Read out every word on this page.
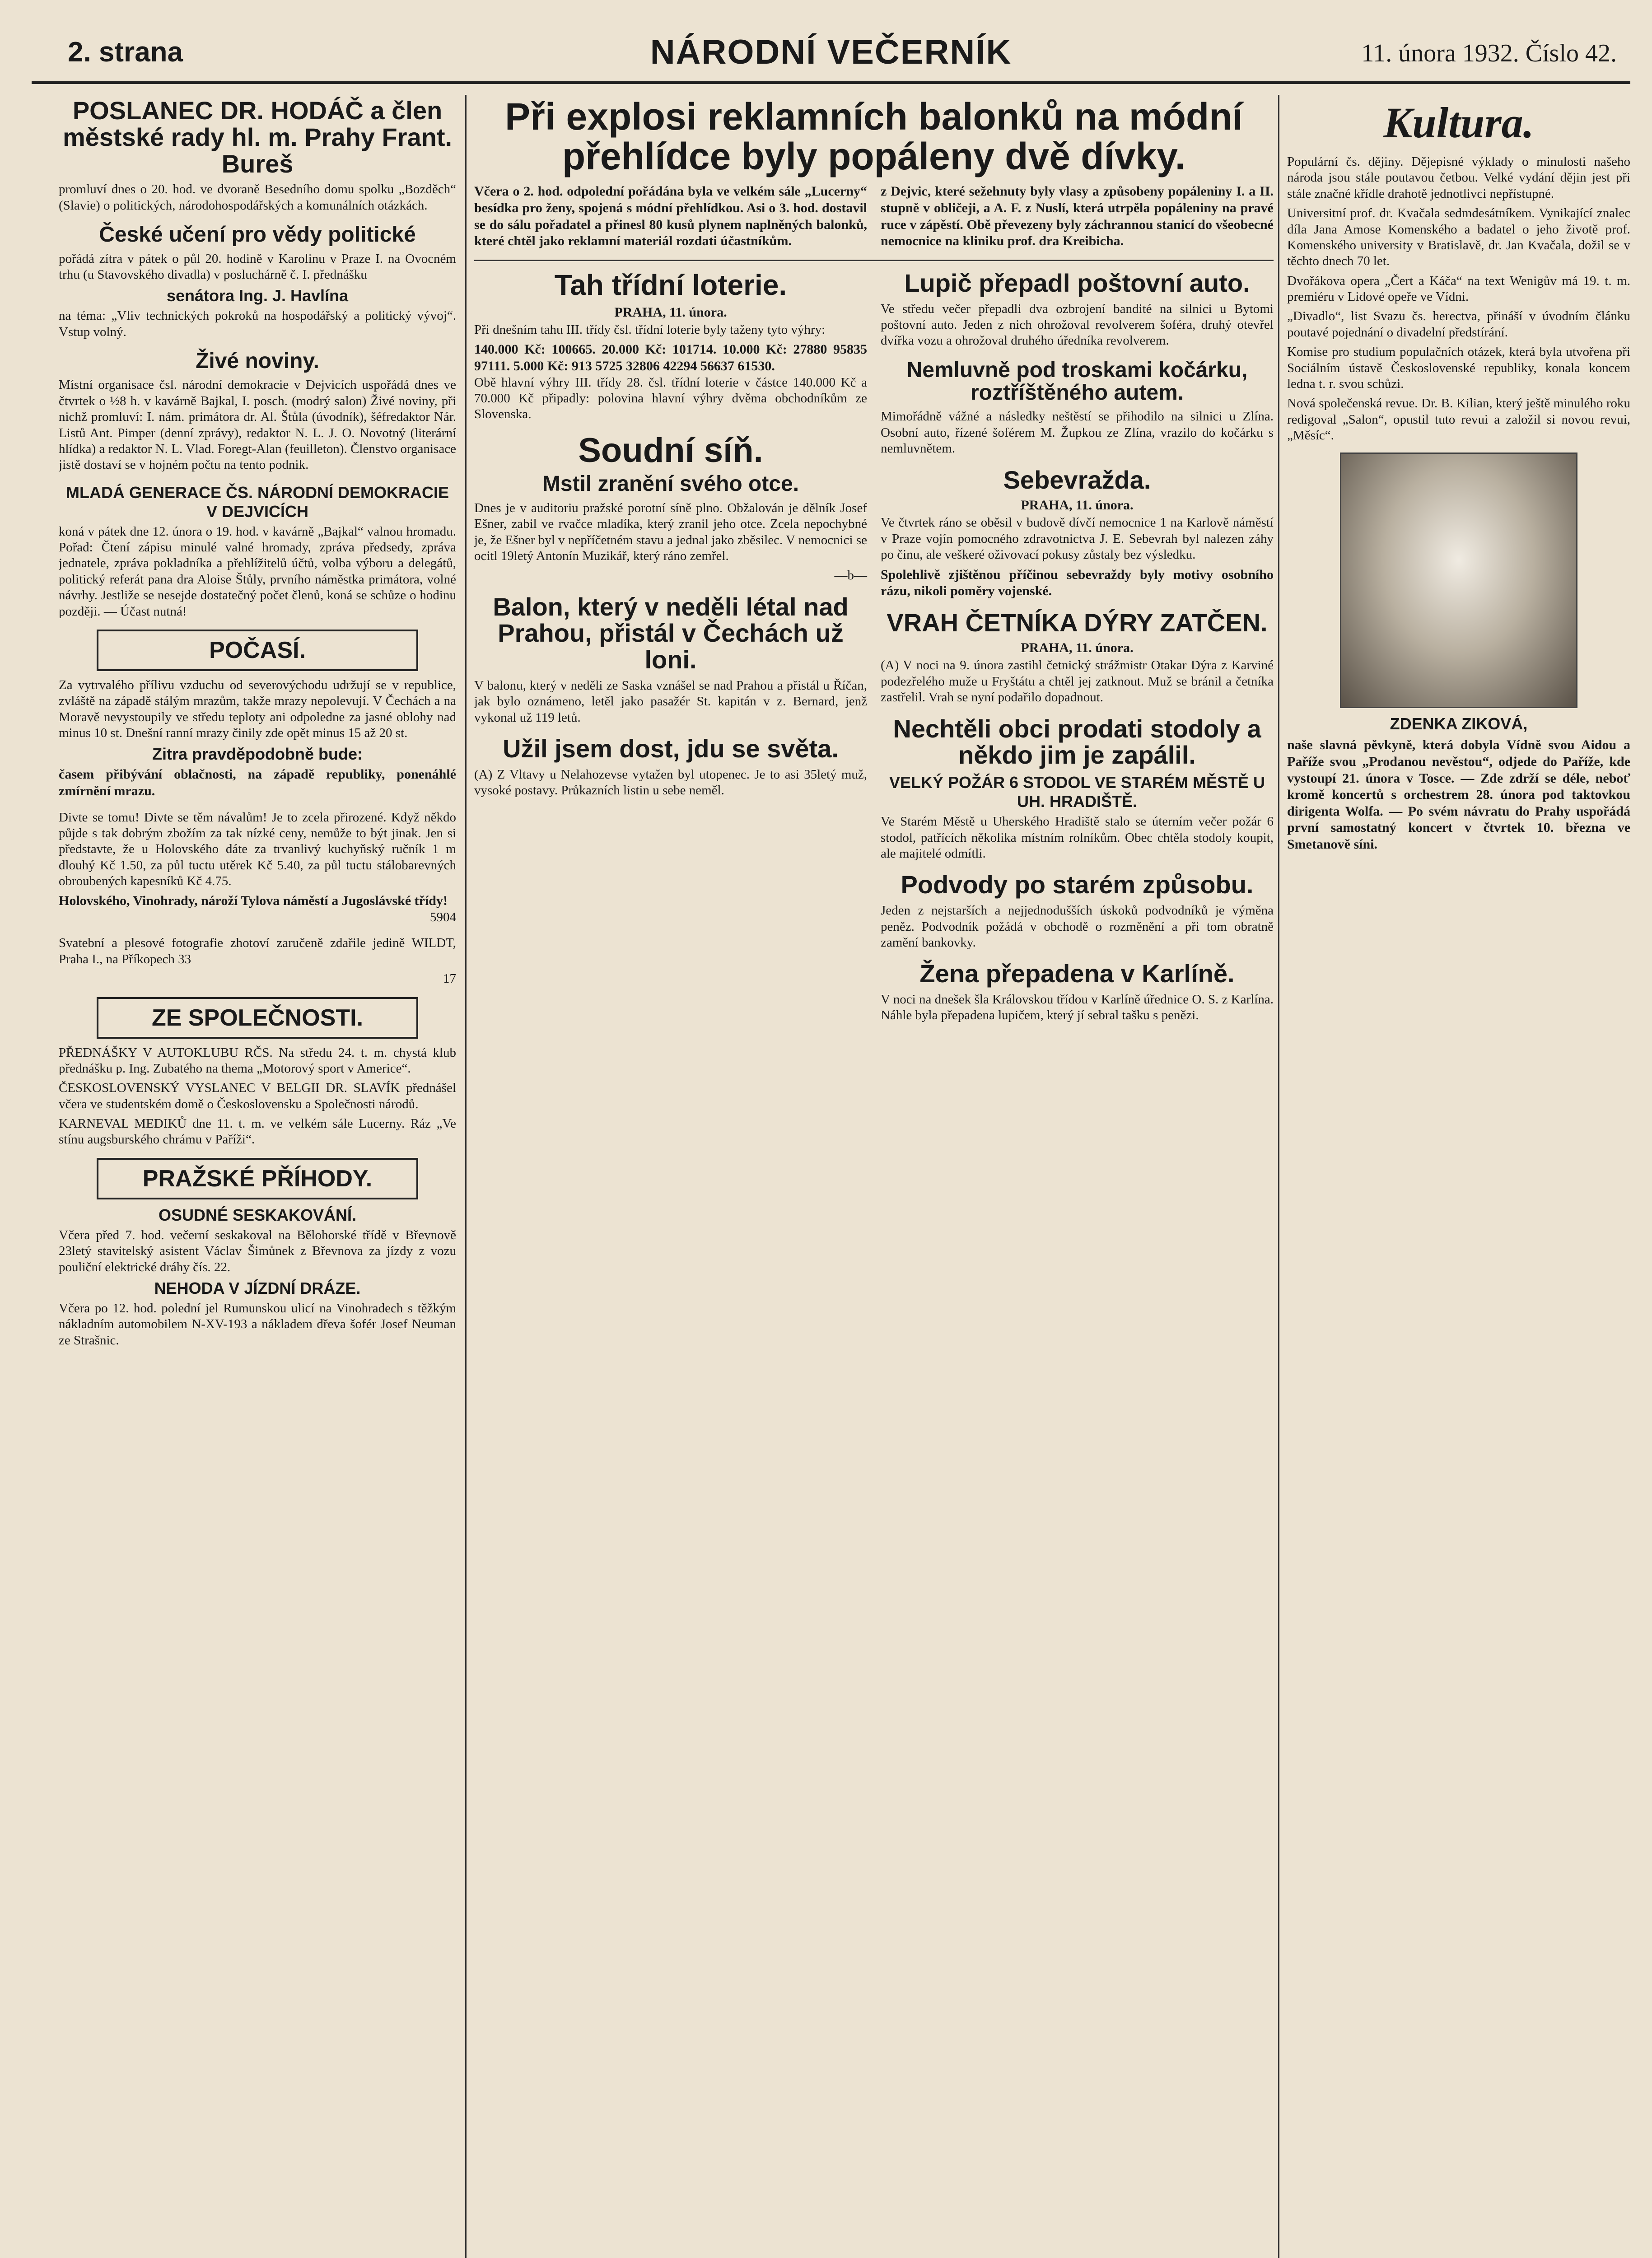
2. strana	NÁRODNÍ VEČERNÍK	11. února 1932. Číslo 42.
POSLANEC DR. HODÁČ a člen městské rady hl. m. Prahy Frant. Bureš
promluví dnes o 20. hod. ve dvoraně Besedního domu spolku „Bozděch“ (Slavie) o politických, národohospodářských a komunálních otázkách.
České učení pro vědy politické
pořádá zítra v pátek o půl 20. hodině v Karolinu v Praze I. na Ovocném trhu (u Stavovského divadla) v posluchárně č. I. přednášku
senátora Ing. J. Havlína
na téma: „Vliv technických pokroků na hospodářský a politický vývoj“. Vstup volný.
Živé noviny.
Místní organisace čsl. národní demokracie v Dejvicích uspořádá dnes ve čtvrtek o ½8 h. v kavárně Bajkal, I. posch. (modrý salon) Živé noviny, při nichž promluví: I. nám. primátora dr. Al. Štůla (úvodník), šéfredaktor Nár. Listů Ant. Pimper (denní zprávy), redaktor N. L. J. O. Novotný (literární hlídka) a redaktor N. L. Vlad. Foregt-Alan (feuilleton). Členstvo organisace jistě dostaví se v hojném počtu na tento podnik.
MLADÁ GENERACE ČS. NÁRODNÍ DEMOKRACIE V DEJVICÍCH
koná v pátek dne 12. února o 19. hod. v kavárně „Bajkal“ valnou hromadu. Pořad: Čtení zápisu minulé valné hromady, zpráva předsedy, zpráva jednatele, zpráva pokladníka a přehlížitelů účtů, volba výboru a delegátů, politický referát pana dra Aloise Štůly, prvního náměstka primátora, volné návrhy. Jestliže se nesejde dostatečný počet členů, koná se schůze o hodinu později. — Účast nutná!
POČASÍ.
Za vytrvalého přílivu vzduchu od severovýchodu udržují se v republice, zvláště na západě stálým mrazům, takže mrazy nepolevují. V Čechách a na Moravě nevystoupily ve středu teploty ani odpoledne za jasné oblohy nad minus 10 st. Dnešní ranní mrazy činily zde opět minus 15 až 20 st.
Zitra pravděpodobně bude:
časem přibývání oblačnosti, na západě republiky, ponenáhlé zmírnění mrazu.
Divte se tomu! Divte se těm návalům! Je to zcela přirozené. Když někdo půjde s tak dobrým zbožím za tak nízké ceny, nemůže to být jinak. Jen si představte, že u Holovského dáte za trvanlivý kuchyňský ručník 1 m dlouhý Kč 1.50, za půl tuctu utěrek Kč 5.40, za půl tuctu stálobarevných obroubených kapesníků Kč 4.75.
Holovského, Vinohrady, nároží Tylova náměstí a Jugoslávské třídy!
5904
Svatební a plesové fotografie zhotoví zaručeně zdařile jedině WILDT, Praha I., na Příkopech 33
17
ZE SPOLEČNOSTI.
PŘEDNÁŠKY V AUTOKLUBU RČS. Na středu 24. t. m. chystá klub přednášku p. Ing. Zubatého na thema „Motorový sport v Americe“.
ČESKOSLOVENSKÝ VYSLANEC V BELGII DR. SLAVÍK přednášel včera ve studentském domě o Československu a Společnosti národů.
KARNEVAL MEDIKŮ dne 11. t. m. ve velkém sále Lucerny. Ráz „Ve stínu augsburského chrámu v Paříži“.
PRAŽSKÉ PŘÍHODY.
OSUDNÉ SESKAKOVÁNÍ.
Včera před 7. hod. večerní seskakoval na Bělohorské třídě v Břevnově 23letý stavitelský asistent Václav Šimůnek z Břevnova za jízdy z vozu pouliční elektrické dráhy čís. 22.
NEHODA V JÍZDNÍ DRÁZE.
Včera po 12. hod. polední jel Rumunskou ulicí na Vinohradech s těžkým nákladním automobilem N-XV-193 a nákladem dřeva šofér Josef Neuman ze Strašnic.
Při explosi reklamních balonků na módní přehlídce byly popáleny dvě dívky.
Včera o 2. hod. odpolední pořádána byla ve velkém sále „Lucerny“ besídka pro ženy, spojená s módní přehlídkou. Asi o 3. hod. dostavil se do sálu pořadatel a přinesl 80 kusů plynem naplněných balonků, které chtěl jako reklamní materiál rozdati účastníkům.
z Dejvic, které sežehnuty byly vlasy a způsobeny popáleniny I. a II. stupně v obličeji, a A. F. z Nuslí, která utrpěla popáleniny na pravé ruce v zápěstí. Obě převezeny byly záchrannou stanicí do všeobecné nemocnice na kliniku prof. dra Kreibicha.
Tah třídní loterie.
PRAHA, 11. února.
Při dnešním tahu III. třídy čsl. třídní loterie byly taženy tyto výhry:
140.000 Kč: 100665. 20.000 Kč: 101714. 10.000 Kč: 27880 95835 97111. 5.000 Kč: 913 5725 32806 42294 56637 61530.
Obě hlavní výhry III. třídy 28. čsl. třídní loterie v částce 140.000 Kč a 70.000 Kč připadly: polovina hlavní výhry dvěma obchodníkům ze Slovenska.
Soudní síň.
Mstil zranění svého otce.
Dnes je v auditoriu pražské porotní síně plno. Obžalován je dělník Josef Ešner, zabil ve rvačce mladíka, který zranil jeho otce. Zcela nepochybné je, že Ešner byl v nepříčetném stavu a jednal jako zběsilec. V nemocnici se ocitl 19letý Antonín Muzikář, který ráno zemřel.
—b—
Balon, který v neděli létal nad Prahou, přistál v Čechách už loni.
V balonu, který v neděli ze Saska vznášel se nad Prahou a přistál u Říčan, jak bylo oznámeno, letěl jako pasažér St. kapitán v z. Bernard, jenž vykonal už 119 letů.
Užil jsem dost, jdu se světa.
(A) Z Vltavy u Nelahozevse vytažen byl utopenec. Je to asi 35letý muž, vysoké postavy. Průkazních listin u sebe neměl.
Lupič přepadl poštovní auto.
Ve středu večer přepadli dva ozbrojení bandité na silnici u Bytomi poštovní auto. Jeden z nich ohrožoval revolverem šoféra, druhý otevřel dvířka vozu a ohrožoval druhého úředníka revolverem.
Nemluvně pod troskami kočárku, roztříštěného autem.
Mimořádně vážné a následky neštěstí se přihodilo na silnici u Zlína. Osobní auto, řízené šoférem M. Župkou ze Zlína, vrazilo do kočárku s nemluvnětem.
Sebevražda.
PRAHA, 11. února.
Ve čtvrtek ráno se oběsil v budově dívčí nemocnice 1 na Karlově náměstí v Praze vojín pomocného zdravotnictva J. E. Sebevrah byl nalezen záhy po činu, ale veškeré oživovací pokusy zůstaly bez výsledku.
Spolehlivě zjištěnou příčinou sebevraždy byly motivy osobního rázu, nikoli poměry vojenské.
VRAH ČETNÍKA DÝRY ZATČEN.
PRAHA, 11. února.
(A) V noci na 9. února zastihl četnický strážmistr Otakar Dýra z Karviné podezřelého muže u Fryštátu a chtěl jej zatknout. Muž se bránil a četníka zastřelil. Vrah se nyní podařilo dopadnout.
Nechtěli obci prodati stodoly a někdo jim je zapálil.
VELKÝ POŽÁR 6 STODOL VE STARÉM MĚSTĚ U UH. HRADIŠTĚ.
Ve Starém Městě u Uherského Hradiště stalo se úterním večer požár 6 stodol, patřících několika místním rolníkům. Obec chtěla stodoly koupit, ale majitelé odmítli.
Podvody po starém způsobu.
Jeden z nejstarších a nejjednodušších úskoků podvodníků je výměna peněz. Podvodník požádá v obchodě o rozměnění a při tom obratně zamění bankovky.
Žena přepadena v Karlíně.
V noci na dnešek šla Královskou třídou v Karlíně úřednice O. S. z Karlína. Náhle byla přepadena lupičem, který jí sebral tašku s penězi.
Kultura.
Populární čs. dějiny. Dějepisné výklady o minulosti našeho národa jsou stále poutavou četbou. Velké vydání dějin jest při stále značné křídle drahotě jednotlivci nepřístupné.
Universitní prof. dr. Kvačala sedmdesátníkem. Vynikající znalec díla Jana Amose Komenského a badatel o jeho životě prof. Komenského university v Bratislavě, dr. Jan Kvačala, dožil se v těchto dnech 70 let.
Dvořákova opera „Čert a Káča“ na text Wenigův má 19. t. m. premiéru v Lidové opeře ve Vídni.
„Divadlo“, list Svazu čs. herectva, přináší v úvodním článku poutavé pojednání o divadelní předstírání.
Komise pro studium populačních otázek, která byla utvořena při Sociálním ústavě Československé republiky, konala koncem ledna t. r. svou schůzi.
Nová společenská revue. Dr. B. Kilian, který ještě minulého roku redigoval „Salon“, opustil tuto revui a založil si novou revui, „Měsíc“.
ZDENKA ZIKOVÁ,
naše slavná pěvkyně, která dobyla Vídně svou Aidou a Paříže svou „Prodanou nevěstou“, odjede do Paříže, kde vystoupí 21. února v Tosce. — Zde zdrží se déle, neboť kromě koncertů s orchestrem 28. února pod taktovkou dirigenta Wolfa. — Po svém návratu do Prahy uspořádá první samostatný koncert v čtvrtek 10. března ve Smetanově síni.
